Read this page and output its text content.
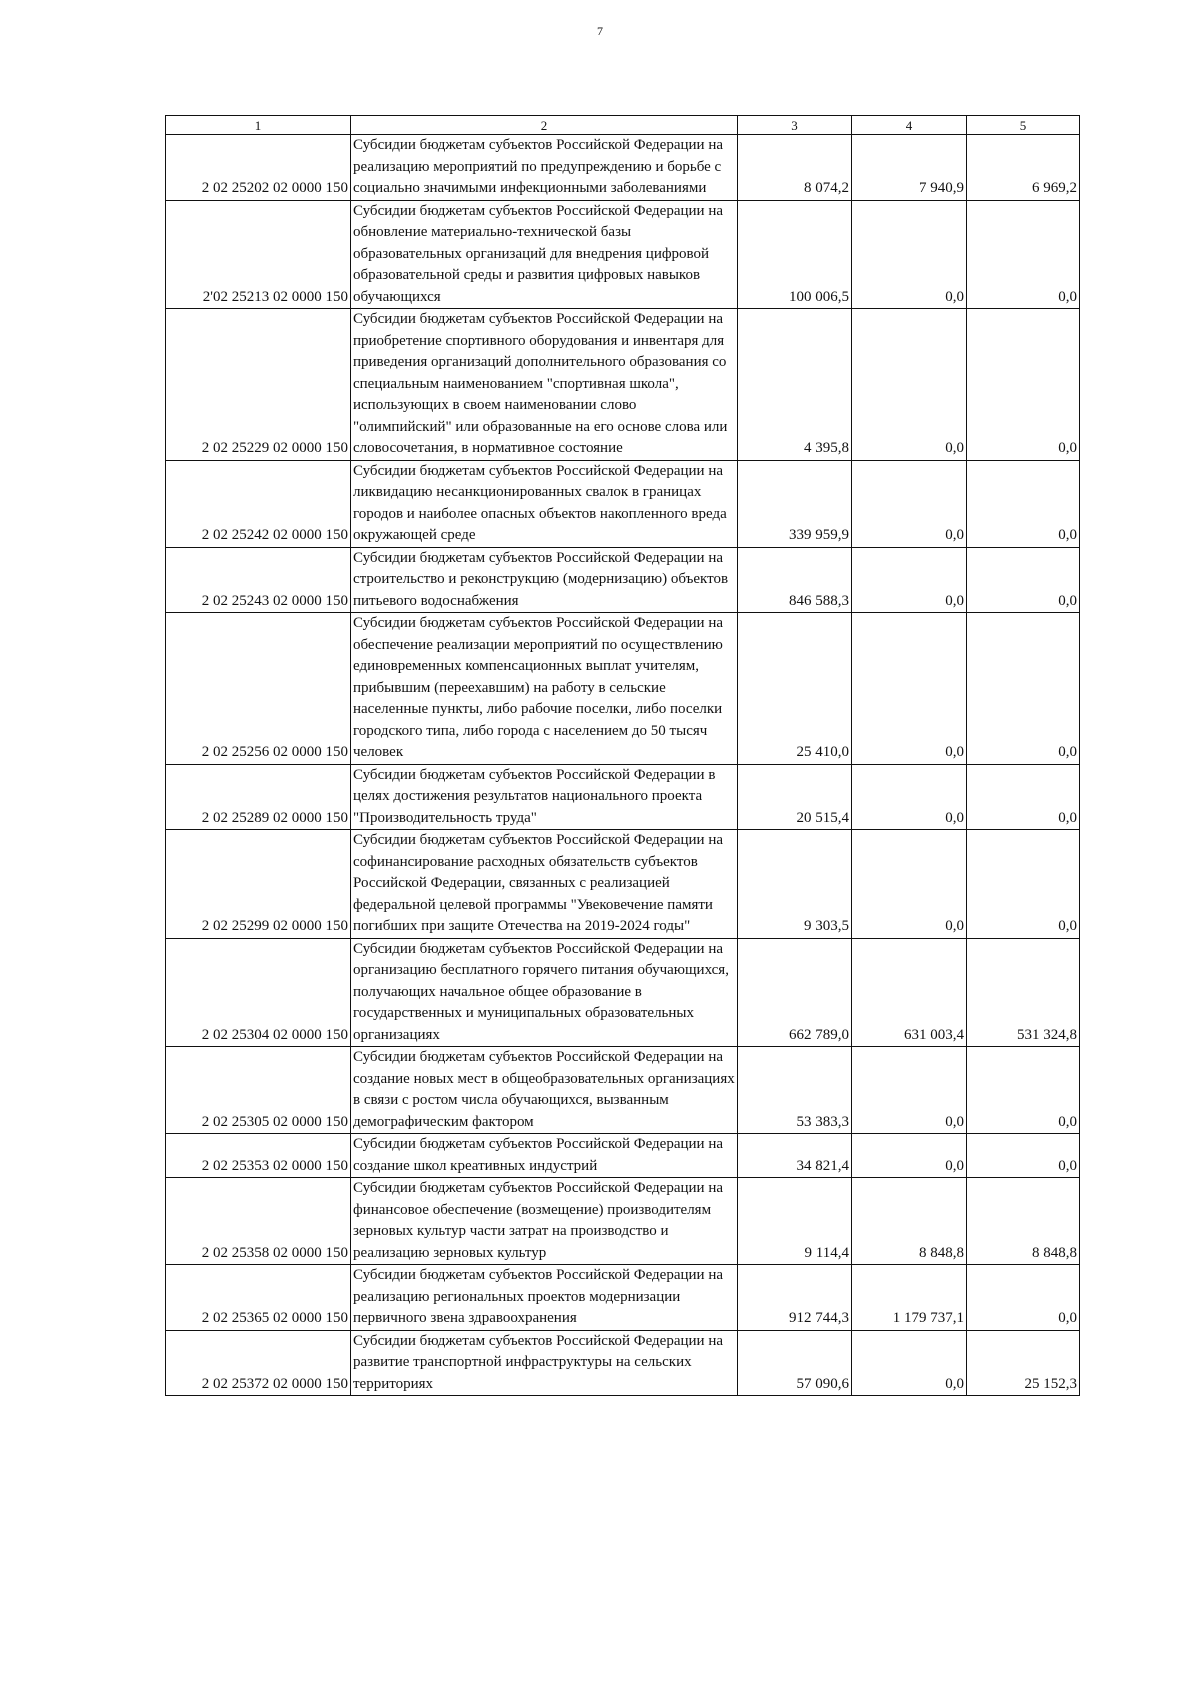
7
1	2	3	4	5
2 02 25202 02 0000 150	Субсидии бюджетам субъектов Российской Федерации на реализацию мероприятий по предупреждению и борьбе с социально значимыми инфекционными заболеваниями	8 074,2	7 940,9	6 969,2
2'02 25213 02 0000 150	Субсидии бюджетам субъектов Российской Федерации на обновление материально-технической базы образовательных организаций для внедрения цифровой образовательной среды и развития цифровых навыков обучающихся	100 006,5	0,0	0,0
2 02 25229 02 0000 150	Субсидии бюджетам субъектов Российской Федерации на приобретение спортивного оборудования и инвентаря для приведения организаций дополнительного образования со специальным наименованием "спортивная школа", использующих в своем наименовании слово "олимпийский" или образованные на его основе слова или словосочетания, в нормативное состояние	4 395,8	0,0	0,0
2 02 25242 02 0000 150	Субсидии бюджетам субъектов Российской Федерации на ликвидацию несанкционированных свалок в границах городов и наиболее опасных объектов накопленного вреда окружающей среде	339 959,9	0,0	0,0
2 02 25243 02 0000 150	Субсидии бюджетам субъектов Российской Федерации на строительство и реконструкцию (модернизацию) объектов питьевого водоснабжения	846 588,3	0,0	0,0
2 02 25256 02 0000 150	Субсидии бюджетам субъектов Российской Федерации на обеспечение реализации мероприятий по осуществлению единовременных компенсационных выплат учителям, прибывшим (переехавшим) на работу в сельские населенные пункты, либо рабочие поселки, либо поселки городского типа, либо города с населением до 50 тысяч человек	25 410,0	0,0	0,0
2 02 25289 02 0000 150	Субсидии бюджетам субъектов Российской Федерации в целях достижения результатов национального проекта "Производительность труда"	20 515,4	0,0	0,0
2 02 25299 02 0000 150	Субсидии бюджетам субъектов Российской Федерации на софинансирование расходных обязательств субъектов Российской Федерации, связанных с реализацией федеральной целевой программы "Увековечение памяти погибших при защите Отечества на 2019-2024 годы"	9 303,5	0,0	0,0
2 02 25304 02 0000 150	Субсидии бюджетам субъектов Российской Федерации на организацию бесплатного горячего питания обучающихся, получающих начальное общее образование в государственных и муниципальных образовательных организациях	662 789,0	631 003,4	531 324,8
2 02 25305 02 0000 150	Субсидии бюджетам субъектов Российской Федерации на создание новых мест в общеобразовательных организациях в связи с ростом числа обучающихся, вызванным демографическим фактором	53 383,3	0,0	0,0
2 02 25353 02 0000 150	Субсидии бюджетам субъектов Российской Федерации на создание школ креативных индустрий	34 821,4	0,0	0,0
2 02 25358 02 0000 150	Субсидии бюджетам субъектов Российской Федерации на финансовое обеспечение (возмещение) производителям зерновых культур части затрат на производство и реализацию зерновых культур	9 114,4	8 848,8	8 848,8
2 02 25365 02 0000 150	Субсидии бюджетам субъектов Российской Федерации на реализацию региональных проектов модернизации первичного звена здравоохранения	912 744,3	1 179 737,1	0,0
2 02 25372 02 0000 150	Субсидии бюджетам субъектов Российской Федерации на развитие транспортной инфраструктуры на сельских территориях	57 090,6	0,0	25 152,3
